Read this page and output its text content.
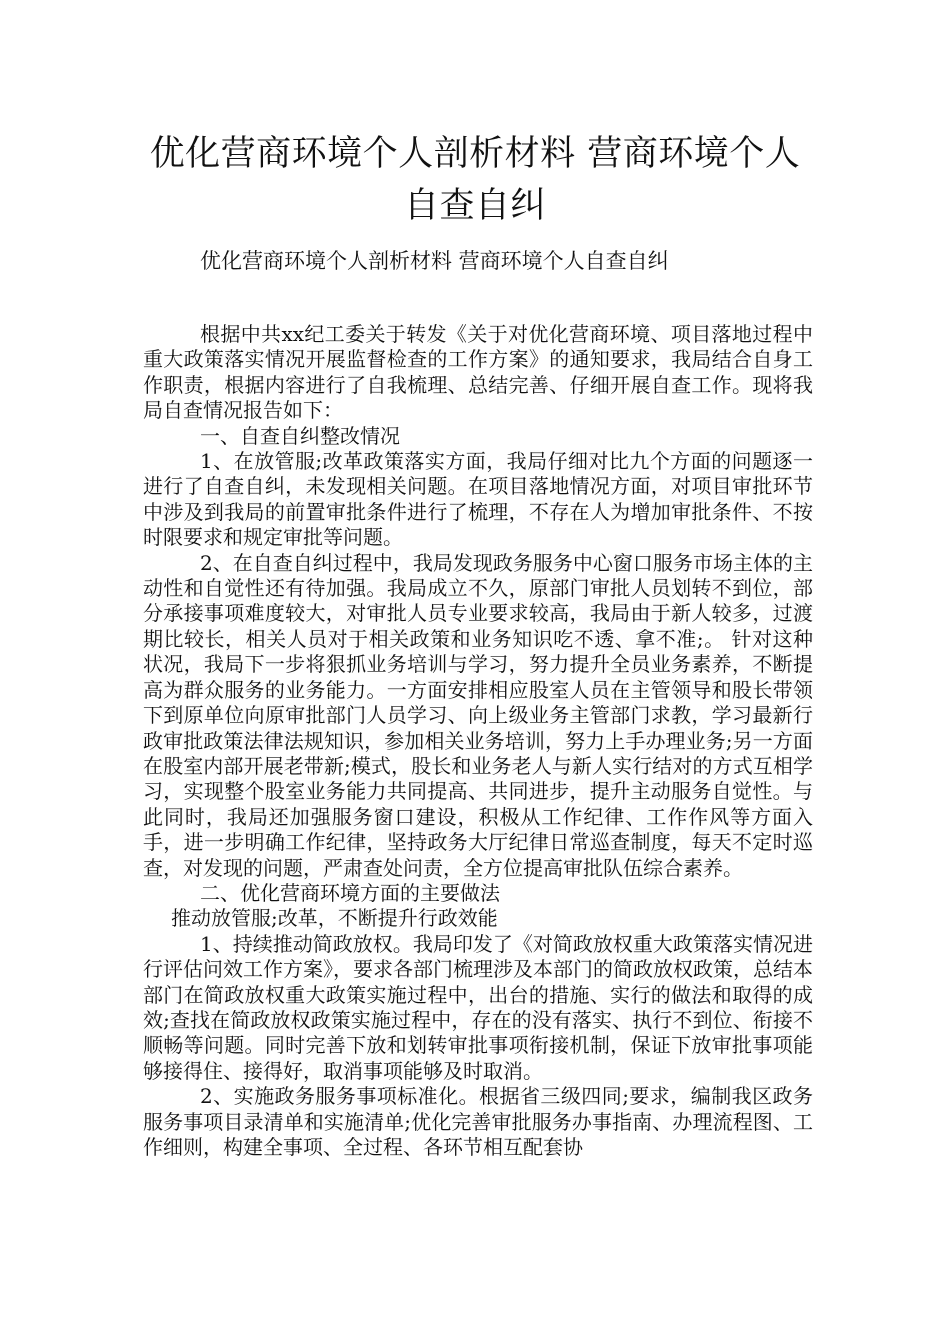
优化营商环境个人剖析材料 营商环境个人自查自纠

优化营商环境个人剖析材料 营商环境个人自查自纠

根据中共xx纪工委关于转发《关于对优化营商环境、项目落地过程中重大政策落实情况开展监督检查的工作方案》的通知要求，我局结合自身工作职责，根据内容进行了自我梳理、总结完善、仔细开展自查工作。现将我局自查情况报告如下：

一、自查自纠整改情况

1、在放管服;改革政策落实方面，我局仔细对比九个方面的问题逐一进行了自查自纠，未发现相关问题。在项目落地情况方面，对项目审批环节中涉及到我局的前置审批条件进行了梳理，不存在人为增加审批条件、不按时限要求和规定审批等问题。

2、在自查自纠过程中，我局发现政务服务中心窗口服务市场主体的主动性和自觉性还有待加强。我局成立不久，原部门审批人员划转不到位，部分承接事项难度较大，对审批人员专业要求较高，我局由于新人较多，过渡期比较长，相关人员对于相关政策和业务知识吃不透、拿不准;。 针对这种状况，我局下一步将狠抓业务培训与学习，努力提升全员业务素养，不断提高为群众服务的业务能力。一方面安排相应股室人员在主管领导和股长带领下到原单位向原审批部门人员学习、向上级业务主管部门求教，学习最新行政审批政策法律法规知识，参加相关业务培训，努力上手办理业务;另一方面在股室内部开展老带新;模式，股长和业务老人与新人实行结对的方式互相学习，实现整个股室业务能力共同提高、共同进步，提升主动服务自觉性。与此同时，我局还加强服务窗口建设，积极从工作纪律、工作作风等方面入手，进一步明确工作纪律，坚持政务大厅纪律日常巡查制度，每天不定时巡查，对发现的问题，严肃查处问责，全方位提高审批队伍综合素养。

二、优化营商环境方面的主要做法

推动放管服;改革，不断提升行政效能

1、持续推动简政放权。我局印发了《对简政放权重大政策落实情况进行评估问效工作方案》，要求各部门梳理涉及本部门的简政放权政策，总结本部门在简政放权重大政策实施过程中，出台的措施、实行的做法和取得的成效;查找在简政放权政策实施过程中，存在的没有落实、执行不到位、衔接不顺畅等问题。同时完善下放和划转审批事项衔接机制，保证下放审批事项能够接得住、接得好，取消事项能够及时取消。

2、实施政务服务事项标准化。根据省三级四同;要求，编制我区政务服务事项目录清单和实施清单;优化完善审批服务办事指南、办理流程图、工作细则，构建全事项、全过程、各环节相互配套协
